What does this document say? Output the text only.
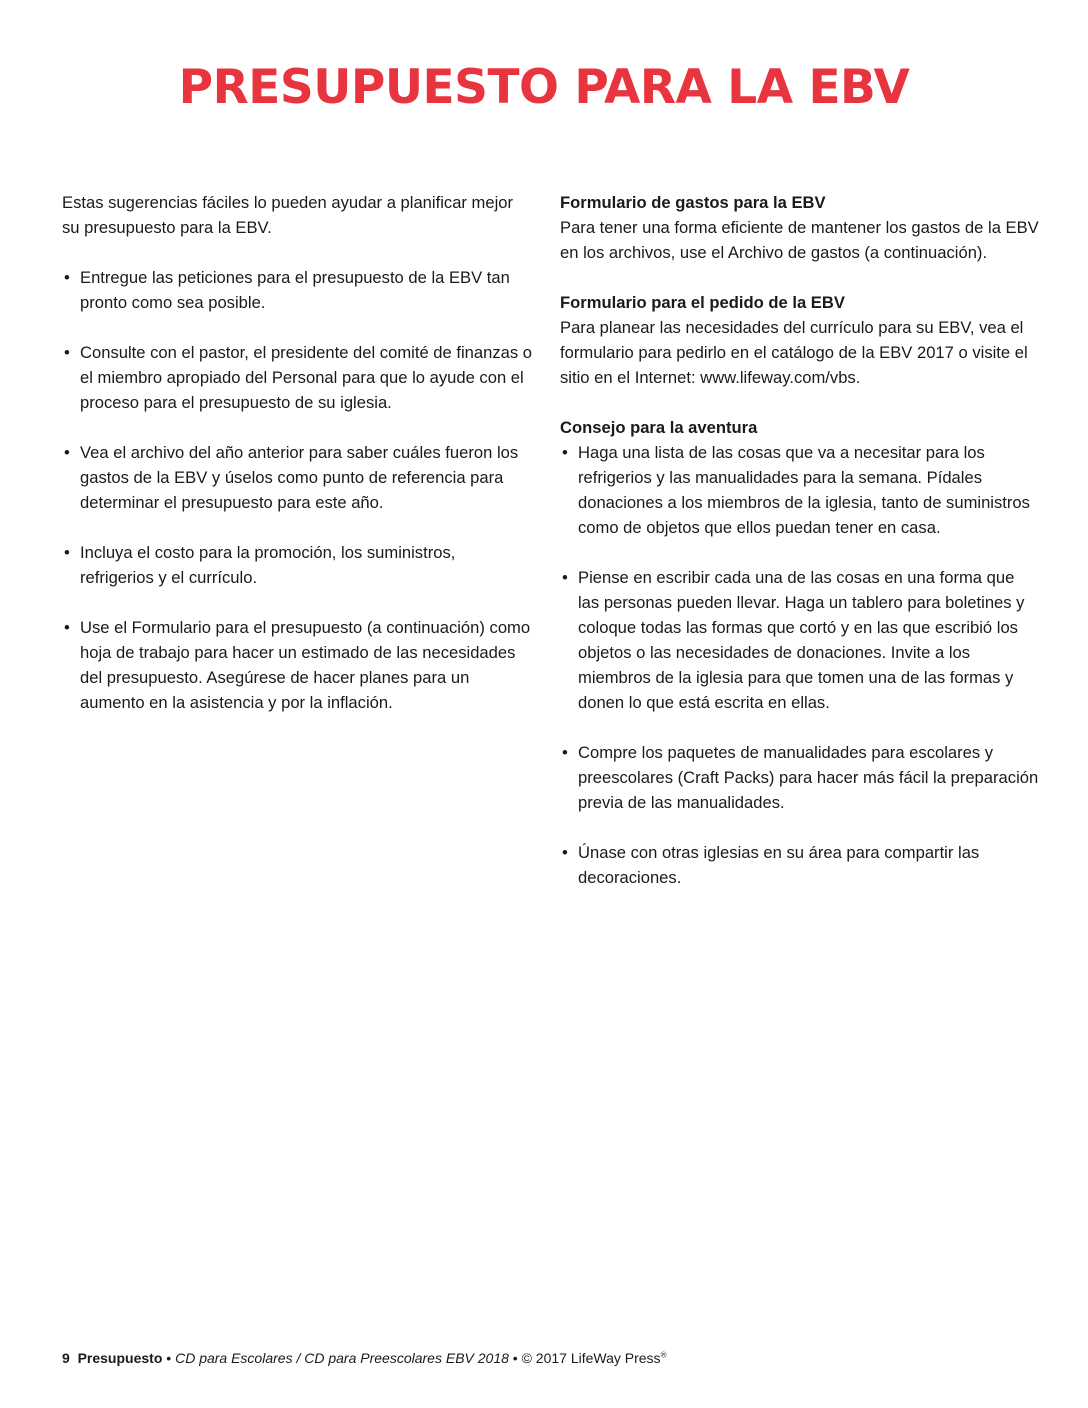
PRESUPUESTO PARA LA EBV

Estas sugerencias fáciles lo pueden ayudar a planificar mejor su presupuesto para la EBV.

• Entregue las peticiones para el presupuesto de la EBV tan pronto como sea posible.
• Consulte con el pastor, el presidente del comité de finanzas o el miembro apropiado del Personal para que lo ayude con el proceso para el presupuesto de su iglesia.
• Vea el archivo del año anterior para saber cuáles fueron los gastos de la EBV y úselos como punto de referencia para determinar el presupuesto para este año.
• Incluya el costo para la promoción, los suministros, refrigerios y el currículo.
• Use el Formulario para el presupuesto (a continuación) como hoja de trabajo para hacer un estimado de las necesidades del presupuesto. Asegúrese de hacer planes para un aumento en la asistencia y por la inflación.

Formulario de gastos para la EBV

Para tener una forma eficiente de mantener los gastos de la EBV en los archivos, use el Archivo de gastos (a continuación).

Formulario para el pedido de la EBV

Para planear las necesidades del currículo para su EBV, vea el formulario para pedirlo en el catálogo de la EBV 2017 o visite el sitio en el Internet: www.lifeway.com/vbs.

Consejo para la aventura

• Haga una lista de las cosas que va a necesitar para los refrigerios y las manualidades para la semana. Pídales donaciones a los miembros de la iglesia, tanto de suministros como de objetos que ellos puedan tener en casa.
• Piense en escribir cada una de las cosas en una forma que las personas pueden llevar. Haga un tablero para boletines y coloque todas las formas que cortó y en las que escribió los objetos o las necesidades de donaciones. Invite a los miembros de la iglesia para que tomen una de las formas y donen lo que está escrita en ellas.
• Compre los paquetes de manualidades para escolares y preescolares (Craft Packs) para hacer más fácil la preparación previa de las manualidades.
• Únase con otras iglesias en su área para compartir las decoraciones.
9 Presupuesto • CD para Escolares / CD para Preescolares EBV 2018 • © 2017 LifeWay Press®
